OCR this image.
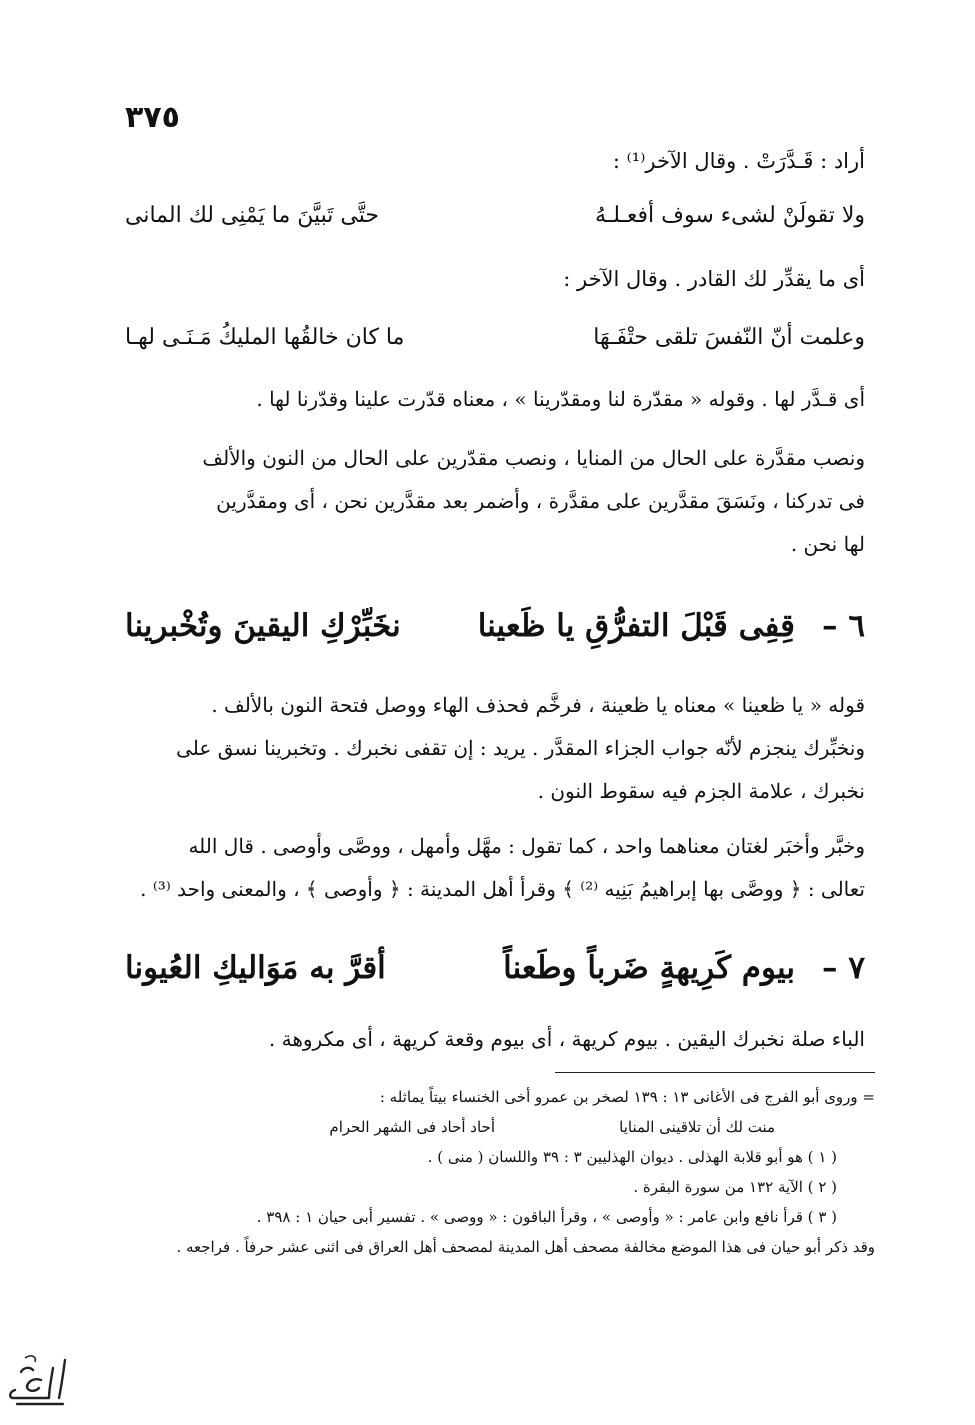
٣٧٥
أراد : قَـدَّرَتْ . وقال الآخر⁽¹⁾ :
ولا تقولَنْ لشىء سوف أفعـلـهُ
حتَّى تَبيَّنَ ما يَمْنِى لك المانى
أى ما يقدِّر لك القادر . وقال الآخر :
وعلمت أنّ النّفسَ تلقى حتْفَـهَا
ما كان خالقُها المليكُ مَـنَـى لهـا
أى قـدَّر لها . وقوله « مقدّرة لنا ومقدّرينا » ، معناه قدّرت علينا وقدّرنا لها .
ونصب مقدَّرة على الحال من المنايا ، ونصب مقدّرين على الحال من النون والألف
فى تدركنا ، ونَسَقَ مقدَّرين على مقدَّرة ، وأضمر بعد مقدَّرين نحن ، أى ومقدَّرين
لها نحن .
٦ –
قِفِى قَبْلَ التفرُّقِ يا ظَعينا
نخَبِّرْكِ اليقينَ وتُخْبرينا
قوله « يا ظعينا » معناه يا ظعينة ، فرخَّم فحذف الهاء ووصل فتحة النون بالألف .
ونخبِّرك ينجزم لأنّه جواب الجزاء المقدَّر . يريد : إن تقفى نخبرك . وتخبرينا نسق على
نخبرك ، علامة الجزم فيه سقوط النون .
وخبَّر وأخبَر لغتان معناهما واحد ، كما تقول : مهَّل وأمهل ، ووصَّى وأوصى . قال الله
تعالى : ﴿ ووصَّى بها إبراهيمُ بَنِيه ⁽²⁾ ﴾ وقرأ أهل المدينة : ﴿ وأوصى ﴾ ، والمعنى واحد ⁽³⁾ .
٧ –
بيوم كَرِيهةٍ ضَرباً وطَعناً
أقرَّ به مَوَاليكِ العُيونا
الباء صلة نخبرك اليقين . بيوم كريهة ، أى بيوم وقعة كريهة ، أى مكروهة .
= وروى أبو الفرج فى الأغانى ١٣ : ١٣٩ لصخر بن عمرو أخى الخنساء بيتاً يماثله :
منت لك أن تلاقينى المنايا
أحاد أحاد فى الشهر الحرام
( ١ ) هو أبو قلابة الهذلى . ديوان الهذليين ٣ : ٣٩ واللسان ( منى ) .
( ٢ ) الآية ١٣٢ من سورة البقرة .
( ٣ ) قرأ نافع وابن عامر : « وأوصى » ، وقرأ الباقون : « ووصى » . تفسير أبى حيان ١ : ٣٩٨ .
وقد ذكر أبو حيان فى هذا الموضع مخالفة مصحف أهل المدينة لمصحف أهل العراق فى اثنى عشر حرفاً . فراجعه .
